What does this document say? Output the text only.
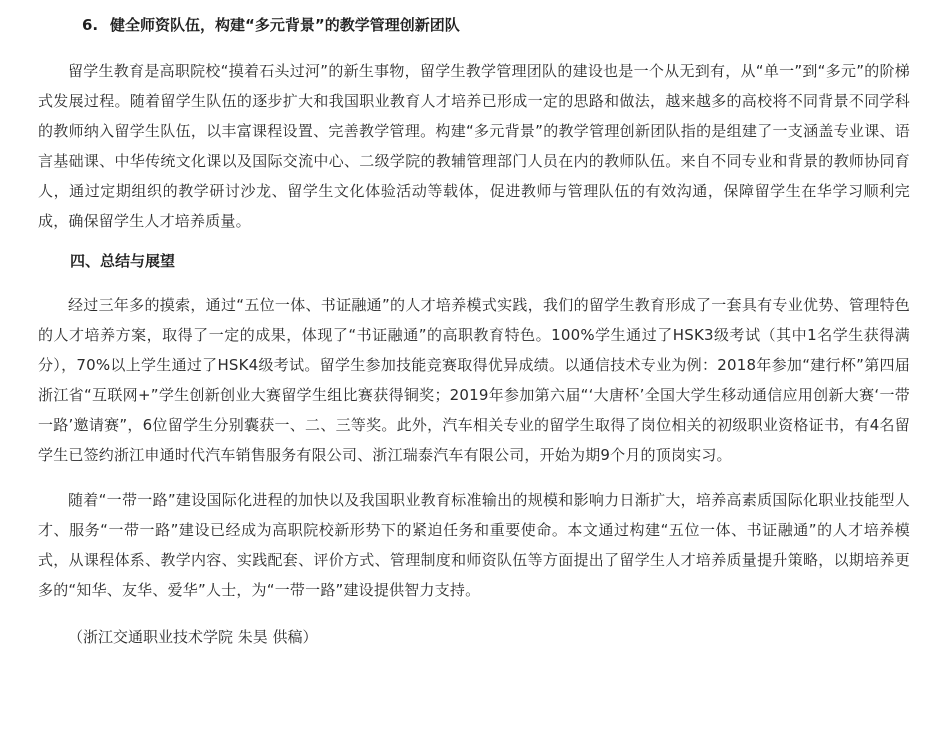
6. 健全师资队伍，构建“多元背景”的教学管理创新团队

留学生教育是高职院校“摸着石头过河”的新生事物，留学生教学管理团队的建设也是一个从无到有，从“单一”到“多元”的阶梯式发展过程。随着留学生队伍的逐步扩大和我国职业教育人才培养已形成一定的思路和做法，越来越多的高校将不同背景不同学科的教师纳入留学生队伍，以丰富课程设置、完善教学管理。构建“多元背景”的教学管理创新团队指的是组建了一支涵盖专业课、语言基础课、中华传统文化课以及国际交流中心、二级学院的教辅管理部门人员在内的教师队伍。来自不同专业和背景的教师协同育人，通过定期组织的教学研讨沙龙、留学生文化体验活动等载体，促进教师与管理队伍的有效沟通，保障留学生在华学习顺利完成，确保留学生人才培养质量。

四、总结与展望

经过三年多的摸索，通过“五位一体、书证融通”的人才培养模式实践，我们的留学生教育形成了一套具有专业优势、管理特色的人才培养方案，取得了一定的成果，体现了“书证融通”的高职教育特色。100%学生通过了HSK3级考试（其中1名学生获得满分），70%以上学生通过了HSK4级考试。留学生参加技能竞赛取得优异成绩。以通信技术专业为例：2018年参加“建行杯”第四届浙江省“互联网+”学生创新创业大赛留学生组比赛获得铜奖；2019年参加第六届“‘大唐杯’全国大学生移动通信应用创新大赛‘一带一路’邀请赛”，6位留学生分别囊获一、二、三等奖。此外，汽车相关专业的留学生取得了岗位相关的初级职业资格证书，有4名留学生已签约浙江申通时代汽车销售服务有限公司、浙江瑞泰汽车有限公司，开始为期9个月的顶岗实习。

随着“一带一路”建设国际化进程的加快以及我国职业教育标准输出的规模和影响力日渐扩大，培养高素质国际化职业技能型人才、服务“一带一路”建设已经成为高职院校新形势下的紧迫任务和重要使命。本文通过构建“五位一体、书证融通”的人才培养模式，从课程体系、教学内容、实践配套、评价方式、管理制度和师资队伍等方面提出了留学生人才培养质量提升策略，以期培养更多的“知华、友华、爱华”人士，为“一带一路”建设提供智力支持。

（浙江交通职业技术学院 朱昊 供稿）
